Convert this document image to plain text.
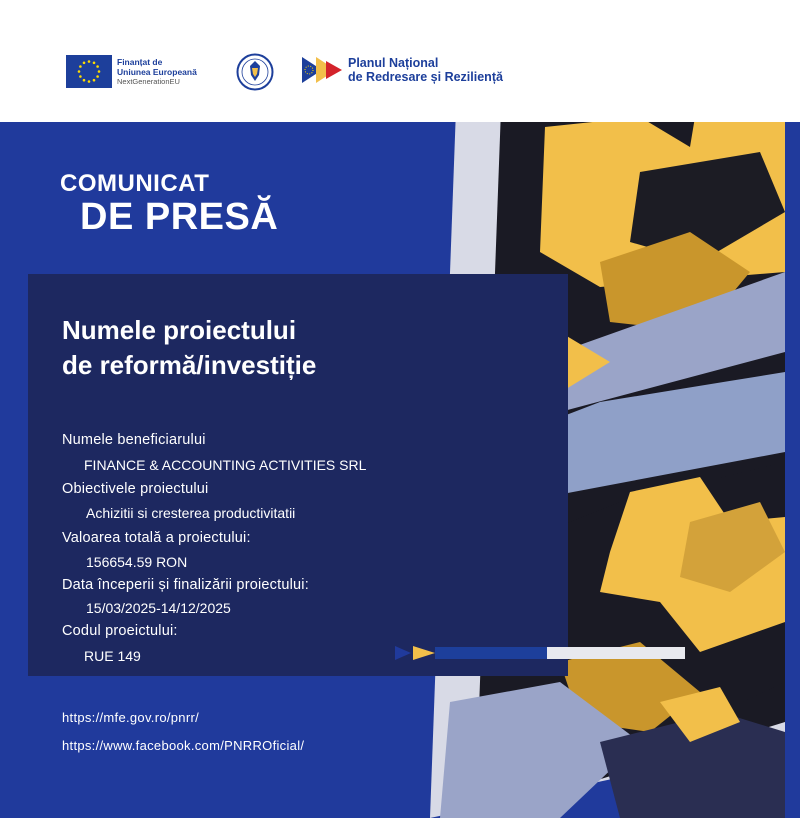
Finanțat de
Uniunea Europeană
NextGenerationEU
Planul Național
de Redresare și Reziliență
COMUNICAT
DE PRESĂ
Numele proiectului
de reformă/investiție
Numele beneficiarului
FINANCE & ACCOUNTING ACTIVITIES SRL
Obiectivele proiectului
Achizitii si cresterea productivitatii
Valoarea totală a proiectului:
156654.59 RON
Data începerii și finalizării proiectului:
15/03/2025-14/12/2025
Codul proeictului:
RUE 149
https://mfe.gov.ro/pnrr/
https://www.facebook.com/PNRROficial/
